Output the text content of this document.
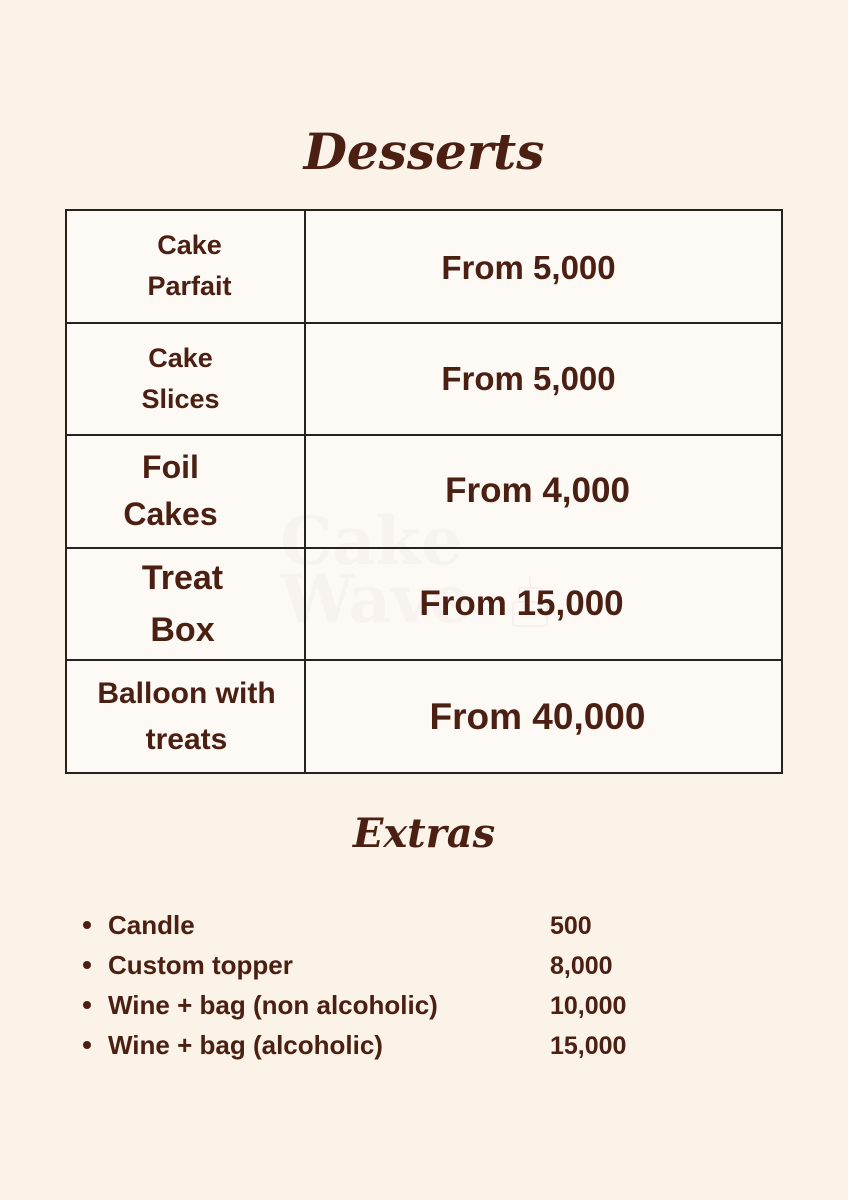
Desserts
Cake
Parfait	From 5,000
Cake
Slices	From 5,000
Foil
Cakes	From 4,000
Treat
Box	From 15,000
Balloon with
treats	From 40,000
Extras
Candle	500
Custom topper	8,000
Wine + bag (non alcoholic)	10,000
Wine + bag (alcoholic)	15,000
